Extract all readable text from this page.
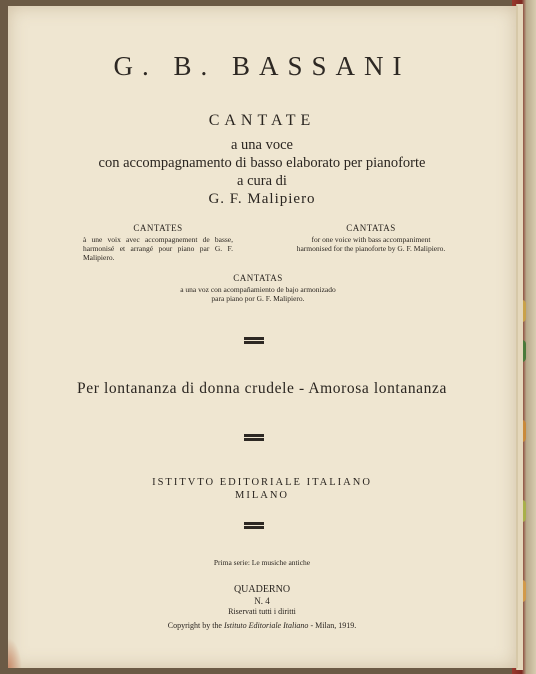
G. B. BASSANI
CANTATE
a una voce
con accompagnamento di basso elaborato per pianoforte
a cura di
G. F. Malipiero
CANTATES
à une voix avec accompagnement de basse, harmonisé et arrangé pour piano par G. F. Malipiero.
CANTATAS
for one voice with bass accompaniment harmonised for the pianoforte by G. F. Malipiero.
CANTATAS
a una voz con acompañamiento de bajo armonizado para piano por G. F. Malipiero.
Per lontananza di donna crudele - Amorosa lontananza
ISTITVTO EDITORIALE ITALIANO
MILANO
Prima serie: Le musiche antiche
QUADERNO
N. 4
Riservati tutti i diritti
Copyright by the Istituto Editoriale Italiano - Milan, 1919.
